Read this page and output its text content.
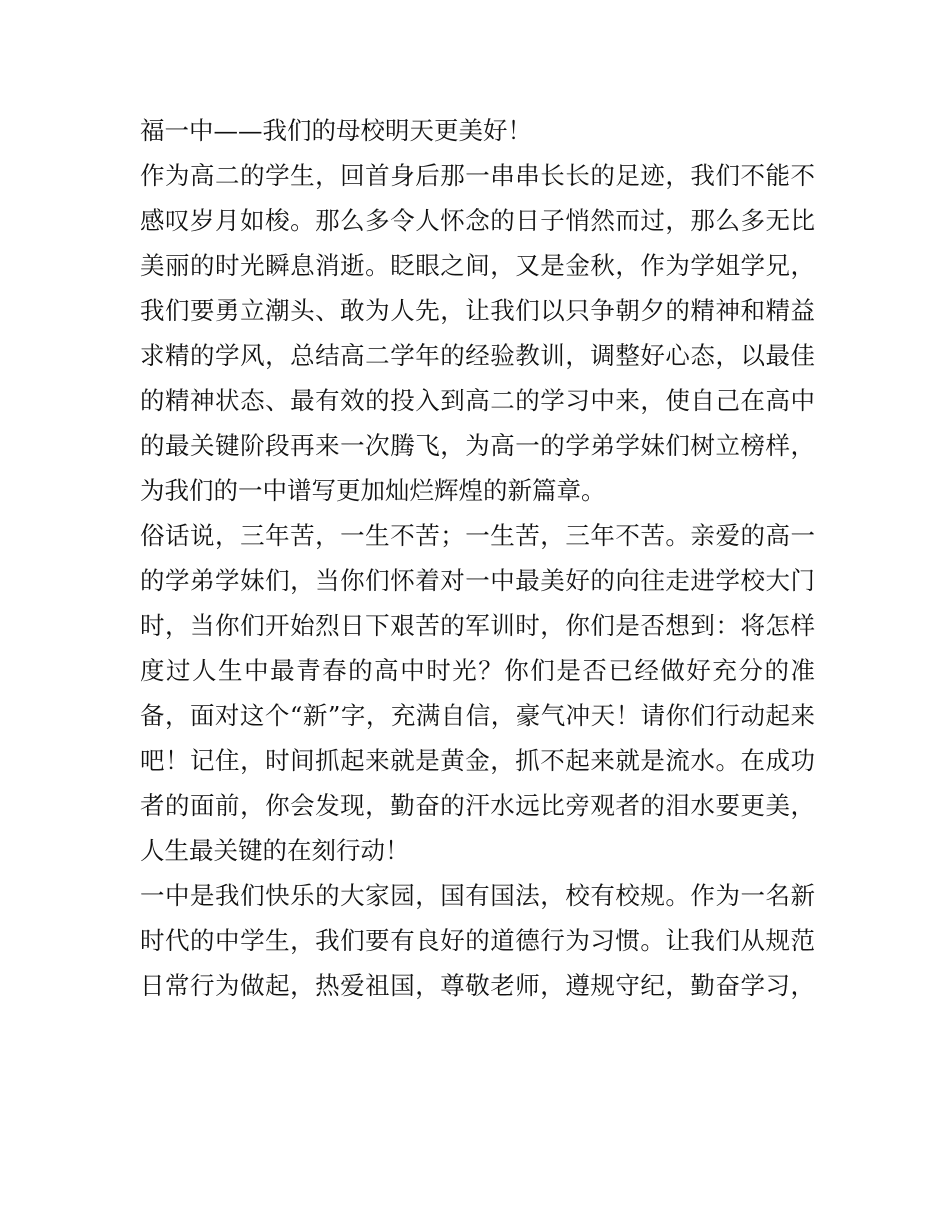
福一中——我们的母校明天更美好！
作为高二的学生，回首身后那一串串长长的足迹，我们不能不
感叹岁月如梭。那么多令人怀念的日子悄然而过，那么多无比
美丽的时光瞬息消逝。眨眼之间，又是金秋，作为学姐学兄，
我们要勇立潮头、敢为人先，让我们以只争朝夕的精神和精益
求精的学风，总结高二学年的经验教训，调整好心态，以最佳
的精神状态、最有效的投入到高二的学习中来，使自己在高中
的最关键阶段再来一次腾飞，为高一的学弟学妹们树立榜样，
为我们的一中谱写更加灿烂辉煌的新篇章。
俗话说，三年苦，一生不苦；一生苦，三年不苦。亲爱的高一
的学弟学妹们，当你们怀着对一中最美好的向往走进学校大门
时，当你们开始烈日下艰苦的军训时，你们是否想到：将怎样
度过人生中最青春的高中时光？你们是否已经做好充分的准
备，面对这个“新”字，充满自信，豪气冲天！请你们行动起来
吧！记住，时间抓起来就是黄金，抓不起来就是流水。在成功
者的面前，你会发现，勤奋的汗水远比旁观者的泪水要更美，
人生最关键的在刻行动！
一中是我们快乐的大家园，国有国法，校有校规。作为一名新
时代的中学生，我们要有良好的道德行为习惯。让我们从规范
日常行为做起，热爱祖国，尊敬老师，遵规守纪，勤奋学习，
